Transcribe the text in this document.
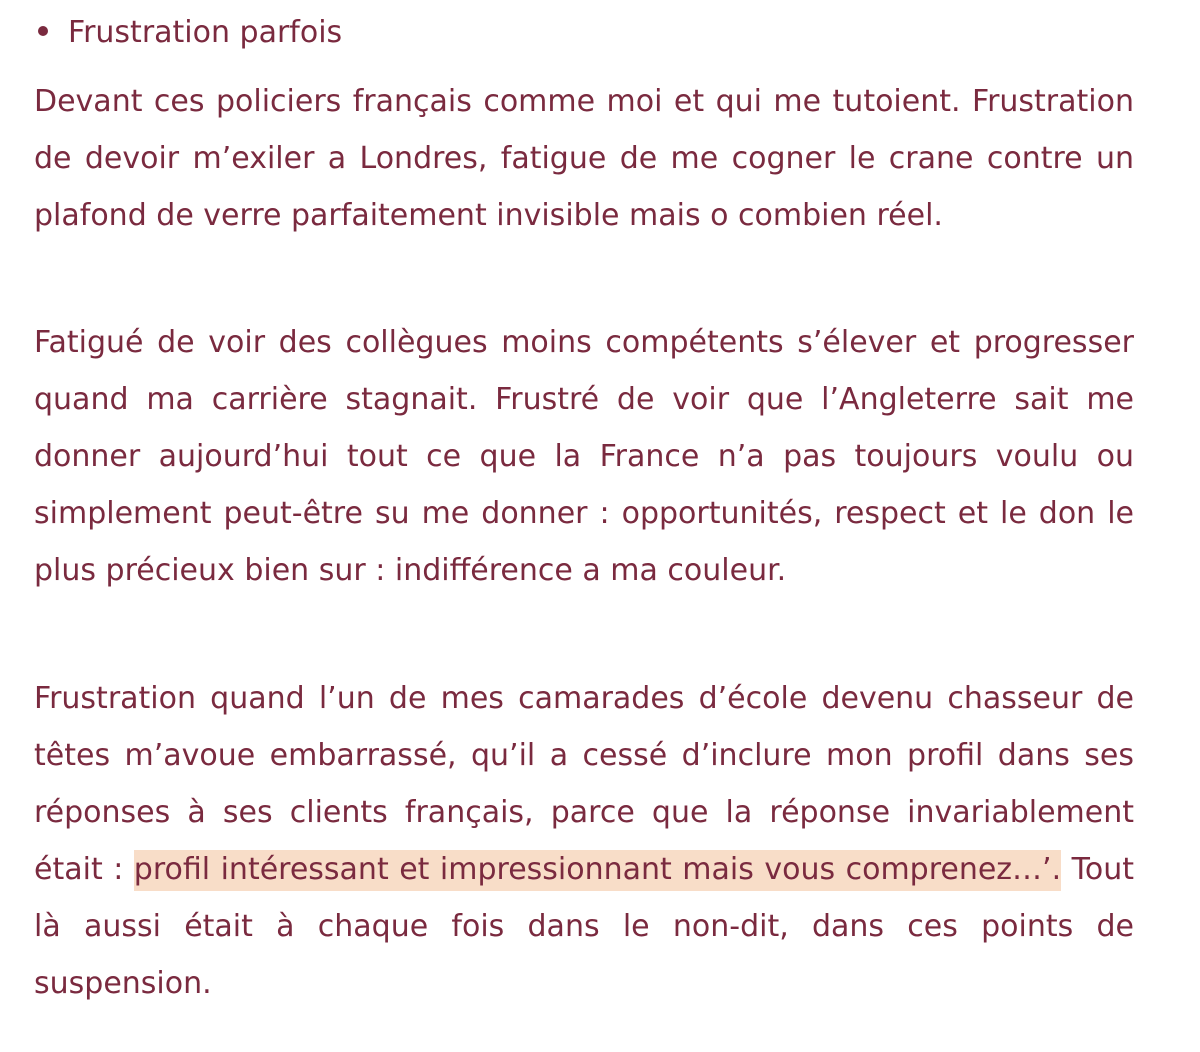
Frustration parfois

Devant ces policiers français comme moi et qui me tutoient. Frustration de devoir m’exiler a Londres, fatigue de me cogner le crane contre un plafond de verre parfaitement invisible mais o combien réel.

Fatigué de voir des collègues moins compétents s’élever et progresser quand ma carrière stagnait. Frustré de voir que l’Angleterre sait me donner aujourd’hui tout ce que la France n’a pas toujours voulu ou simplement peut-être su me donner : opportunités, respect et le don le plus précieux bien sur : indifférence a ma couleur.

Frustration quand l’un de mes camarades d’école devenu chasseur de têtes m’avoue embarrassé, qu’il a cessé d’inclure mon profil dans ses réponses à ses clients français, parce que la réponse invariablement était : profil intéressant et impressionnant mais vous comprenez…’. Tout là aussi était à chaque fois dans le non-dit, dans ces points de suspension.
